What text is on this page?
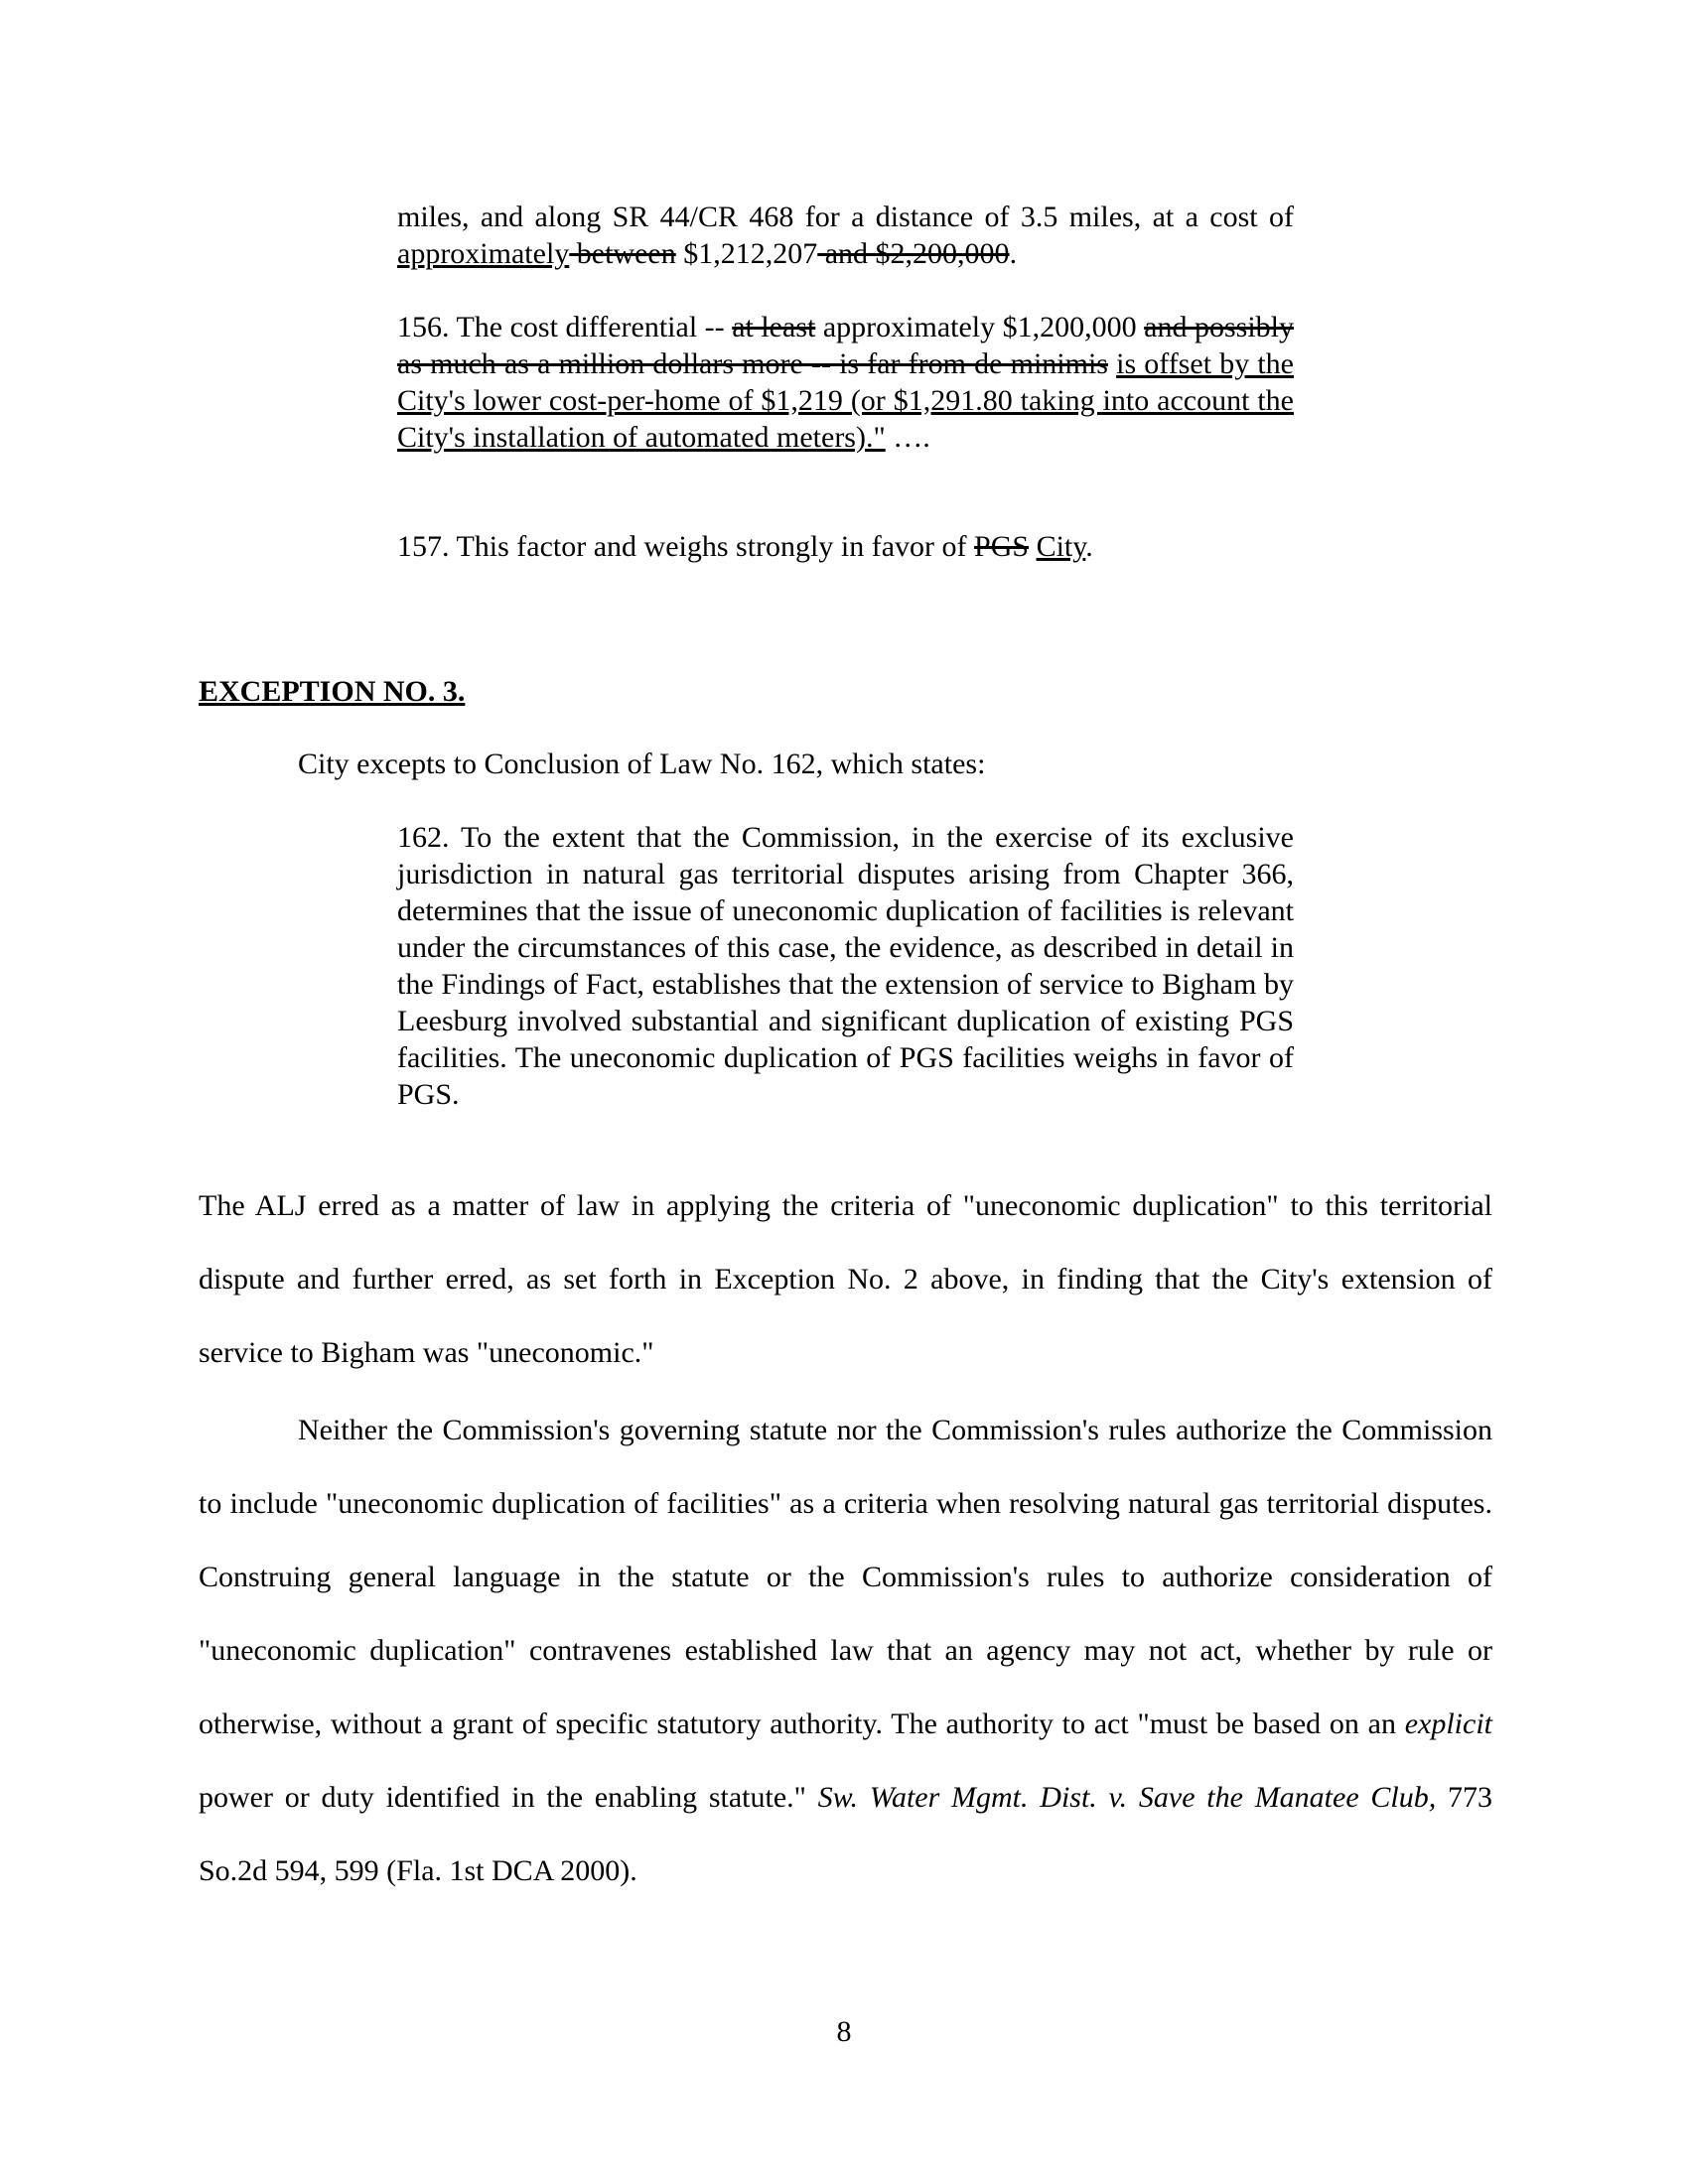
miles, and along SR 44/CR 468 for a distance of 3.5 miles, at a cost of approximately between $1,212,207 and $2,200,000.

156. The cost differential -- at least approximately $1,200,000 and possibly as much as a million dollars more -- is far from de minimis is offset by the City's lower cost-per-home of $1,219 (or $1,291.80 taking into account the City's installation of automated meters)." ….

157. This factor and weighs strongly in favor of PGS City.

EXCEPTION NO. 3.

City excepts to Conclusion of Law No. 162, which states:

162. To the extent that the Commission, in the exercise of its exclusive jurisdiction in natural gas territorial disputes arising from Chapter 366, determines that the issue of uneconomic duplication of facilities is relevant under the circumstances of this case, the evidence, as described in detail in the Findings of Fact, establishes that the extension of service to Bigham by Leesburg involved substantial and significant duplication of existing PGS facilities. The uneconomic duplication of PGS facilities weighs in favor of PGS.

The ALJ erred as a matter of law in applying the criteria of "uneconomic duplication" to this territorial dispute and further erred, as set forth in Exception No. 2 above, in finding that the City's extension of service to Bigham was "uneconomic."

Neither the Commission's governing statute nor the Commission's rules authorize the Commission to include "uneconomic duplication of facilities" as a criteria when resolving natural gas territorial disputes. Construing general language in the statute or the Commission's rules to authorize consideration of "uneconomic duplication" contravenes established law that an agency may not act, whether by rule or otherwise, without a grant of specific statutory authority. The authority to act "must be based on an explicit power or duty identified in the enabling statute." Sw. Water Mgmt. Dist. v. Save the Manatee Club, 773 So.2d 594, 599 (Fla. 1st DCA 2000).

8
